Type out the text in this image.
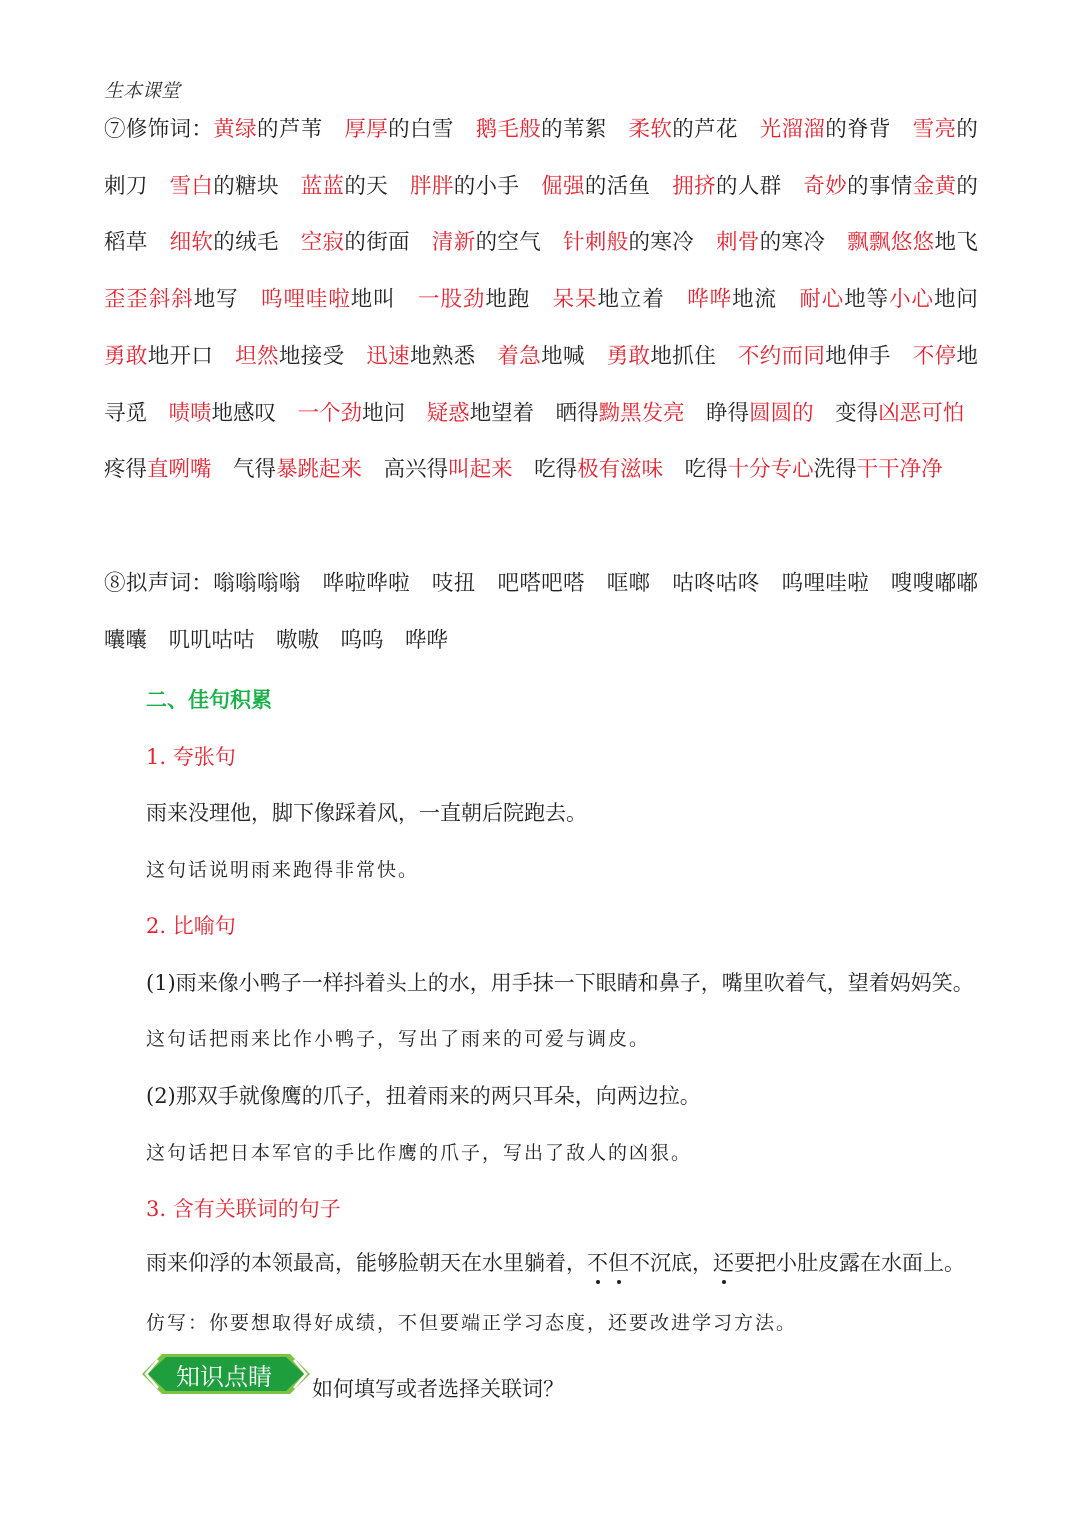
生本课堂
⑦修饰词：黄绿的芦苇　厚厚的白雪　鹅毛般的苇絮　柔软的芦花　光溜溜的脊背　雪亮的刺刀　雪白的糖块　蓝蓝的天　胖胖的小手　倔强的活鱼　拥挤的人群　奇妙的事情金黄的稻草　细软的绒毛　空寂的街面　清新的空气　针刺般的寒冷　刺骨的寒冷　飘飘悠悠地飞　歪歪斜斜地写　呜哩哇啦地叫　一股劲地跑　呆呆地立着　哗哗地流　耐心地等小心地问　勇敢地开口　坦然地接受　迅速地熟悉　着急地喊　勇敢地抓住　不约而同地伸手　不停地寻觅　啧啧地感叹　一个劲地问　疑惑地望着　晒得黝黑发亮　睁得圆圆的　变得凶恶可怕　疼得直咧嘴　气得暴跳起来　高兴得叫起来　吃得极有滋味　吃得十分专心洗得干干净净
⑧拟声词：嗡嗡嗡嗡　哗啦哗啦　吱扭　吧嗒吧嗒　哐啷　咕咚咕咚　呜哩哇啦　嗖嗖嘟嘟囔囔　叽叽咕咕　嗷嗷　呜呜　哗哗
二、佳句积累
1. 夸张句
雨来没理他，脚下像踩着风，一直朝后院跑去。
这句话说明雨来跑得非常快。
2. 比喻句
(1)雨来像小鸭子一样抖着头上的水，用手抹一下眼睛和鼻子，嘴里吹着气，望着妈妈笑。
这句话把雨来比作小鸭子，写出了雨来的可爱与调皮。
(2)那双手就像鹰的爪子，扭着雨来的两只耳朵，向两边拉。
这句话把日本军官的手比作鹰的爪子，写出了敌人的凶狠。
3. 含有关联词的句子
雨来仰浮的本领最高，能够脸朝天在水里躺着，不但不沉底，还要把小肚皮露在水面上。
仿写：你要想取得好成绩，不但要端正学习态度，还要改进学习方法。
知识点睛 如何填写或者选择关联词？
